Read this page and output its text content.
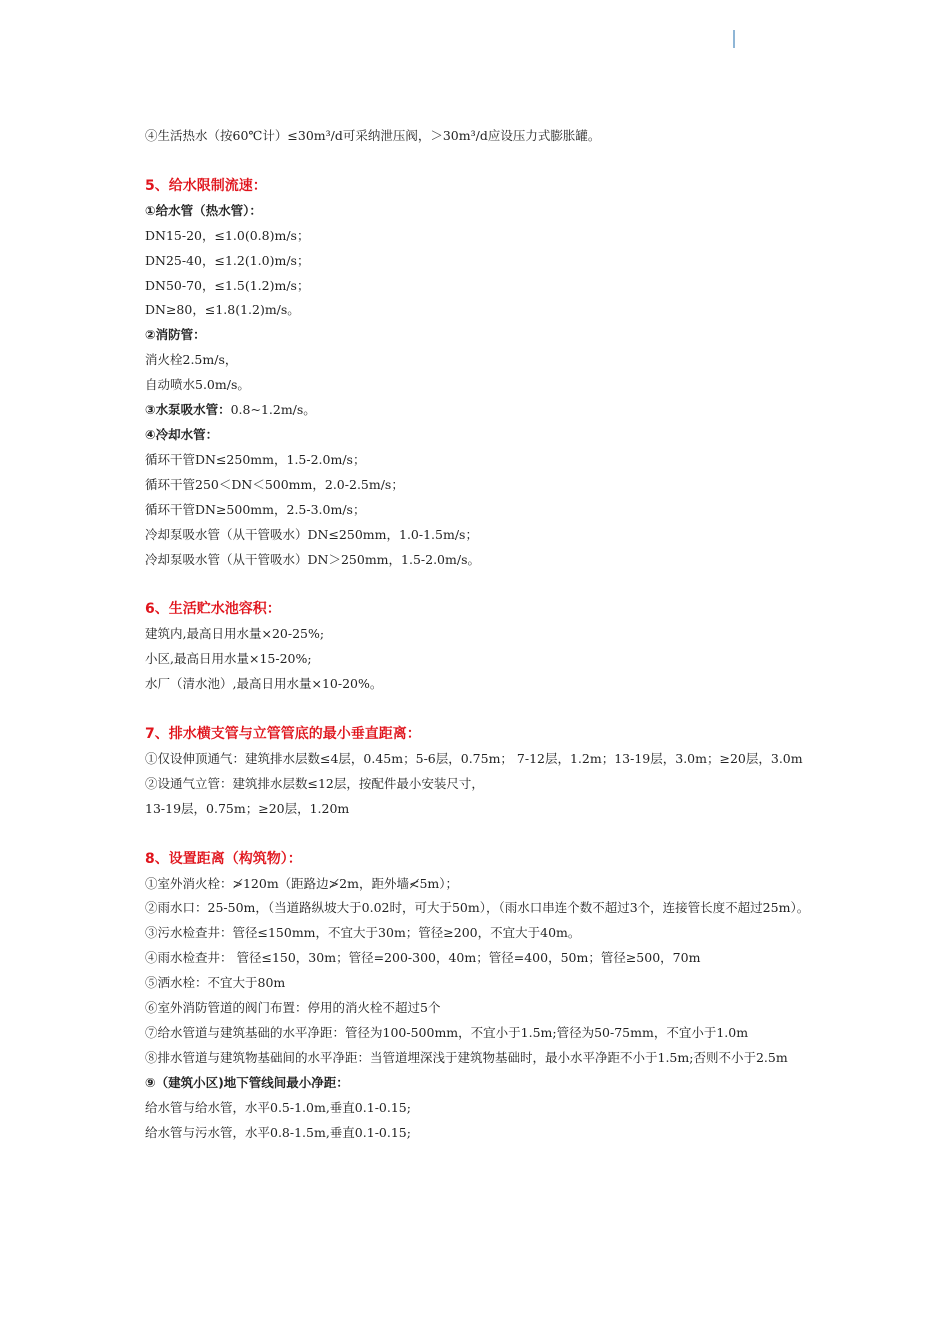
④生活热水（按60℃计）≤30m³/d可采纳泄压阀，＞30m³/d应设压力式膨胀罐。
5、给水限制流速：
①给水管（热水管）：
DN15-20，≤1.0(0.8)m/s；
DN25-40，≤1.2(1.0)m/s；
DN50-70，≤1.5(1.2)m/s；
DN≥80，≤1.8(1.2)m/s。
②消防管：
消火栓2.5m/s，
自动喷水5.0m/s。
③水泵吸水管：0.8~1.2m/s。
④冷却水管：
循环干管DN≤250mm，1.5-2.0m/s；
循环干管250＜DN＜500mm，2.0-2.5m/s；
循环干管DN≥500mm，2.5-3.0m/s；
冷却泵吸水管（从干管吸水）DN≤250mm，1.0-1.5m/s；
冷却泵吸水管（从干管吸水）DN＞250mm，1.5-2.0m/s。
6、生活贮水池容积：
建筑内,最高日用水量×20-25%;
小区,最高日用水量×15-20%;
水厂（清水池）,最高日用水量×10-20%。
7、排水横支管与立管管底的最小垂直距离：
①仅设伸顶通气：建筑排水层数≤4层，0.45m；5-6层，0.75m； 7-12层，1.2m；13-19层，3.0m；≥20层，3.0m
②设通气立管：建筑排水层数≤12层，按配件最小安装尺寸，
13-19层，0.75m；≥20层，1.20m
8、设置距离（构筑物）：
①室外消火栓：≯120m（距路边≯2m，距外墙≮5m）；
②雨水口：25-50m，（当道路纵坡大于0.02时，可大于50m），（雨水口串连个数不超过3个，连接管长度不超过25m）。
③污水检查井：管径≤150mm，不宜大于30m；管径≥200，不宜大于40m。
④雨水检查井： 管径≤150，30m；管径=200-300，40m；管径=400，50m；管径≥500，70m
⑤洒水栓：不宜大于80m
⑥室外消防管道的阀门布置：停用的消火栓不超过5个
⑦给水管道与建筑基础的水平净距：管径为100-500mm，不宜小于1.5m;管径为50-75mm，不宜小于1.0m
⑧排水管道与建筑物基础间的水平净距：当管道埋深浅于建筑物基础时，最小水平净距不小于1.5m;否则不小于2.5m
⑨（建筑小区)地下管线间最小净距：
给水管与给水管，水平0.5-1.0m,垂直0.1-0.15;
给水管与污水管，水平0.8-1.5m,垂直0.1-0.15;
